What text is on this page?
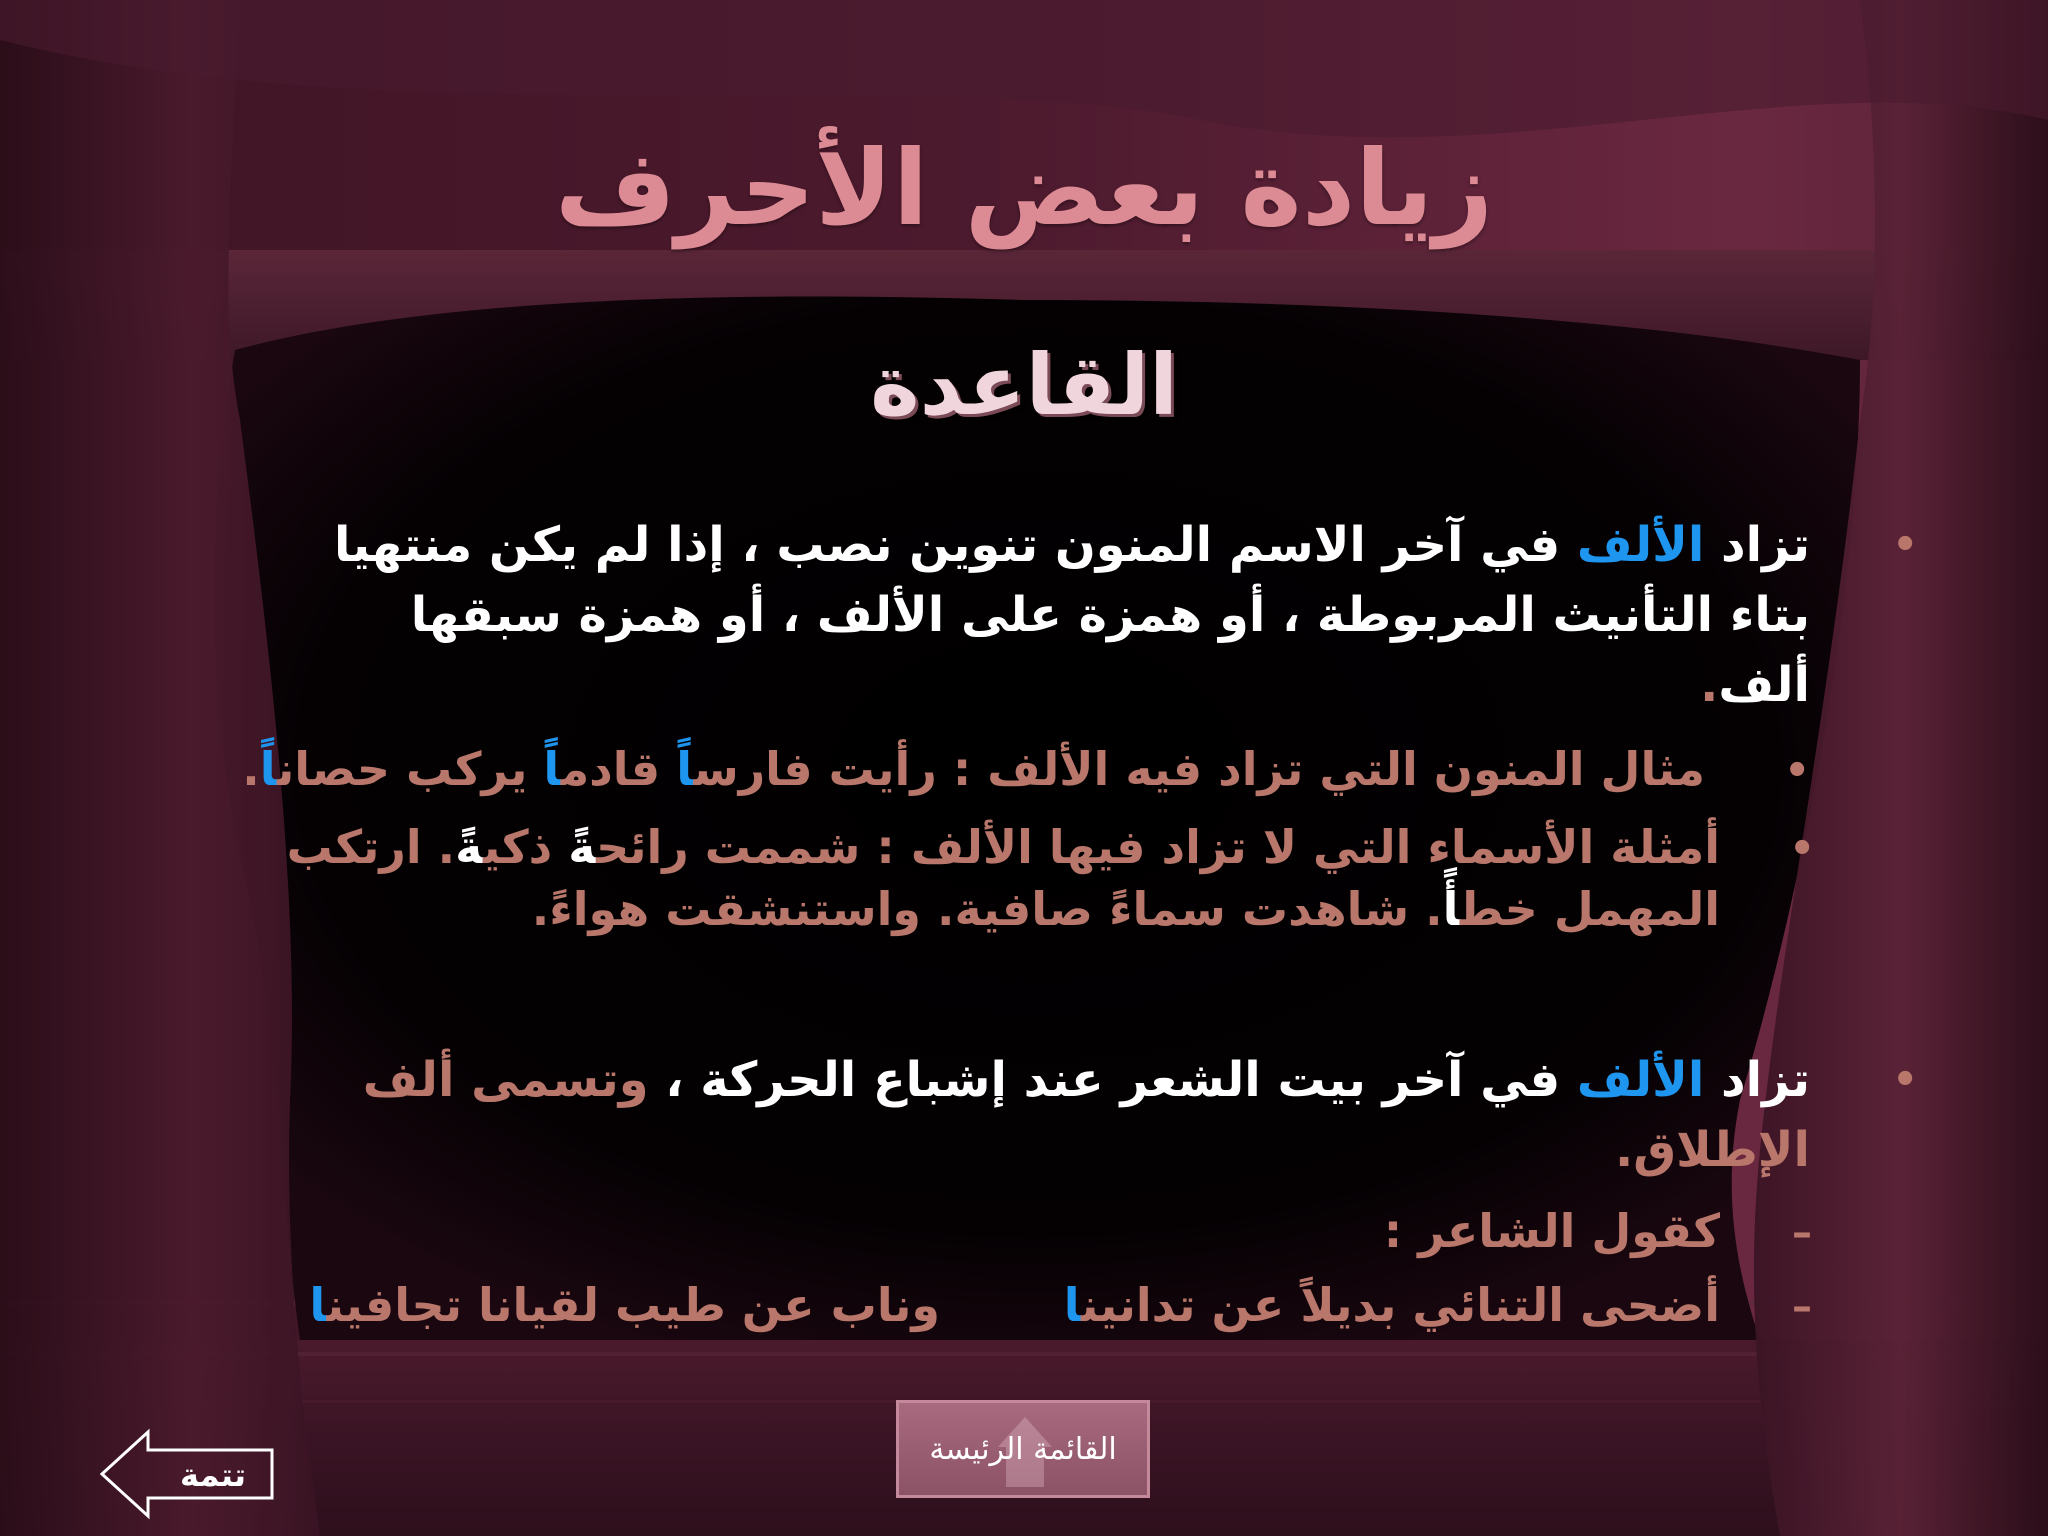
زيادة بعض الأحرف
القاعدة
•
تزاد الألف في آخر الاسم المنون تنوين نصب ، إذا لم يكن منتهيا
بتاء التأنيث المربوطة ، أو همزة على الألف ، أو همزة سبقها
ألف.
•
مثال المنون التي تزاد فيه الألف : رأيت فارساً قادماً يركب حصاناً.
•
أمثلة الأسماء التي لا تزاد فيها الألف : شممت رائحةً ذكيةً. ارتكب
المهمل خطأً. شاهدت سماءً صافية. واستنشقت هواءً.
•
تزاد الألف في آخر بيت الشعر عند إشباع الحركة ، وتسمى ألف
الإطلاق.
–
كقول الشاعر :
–
أضحى التنائي بديلاً عن تدانينا
وناب عن طيب لقيانا تجافينا
القائمة الرئيسة
تتمة
